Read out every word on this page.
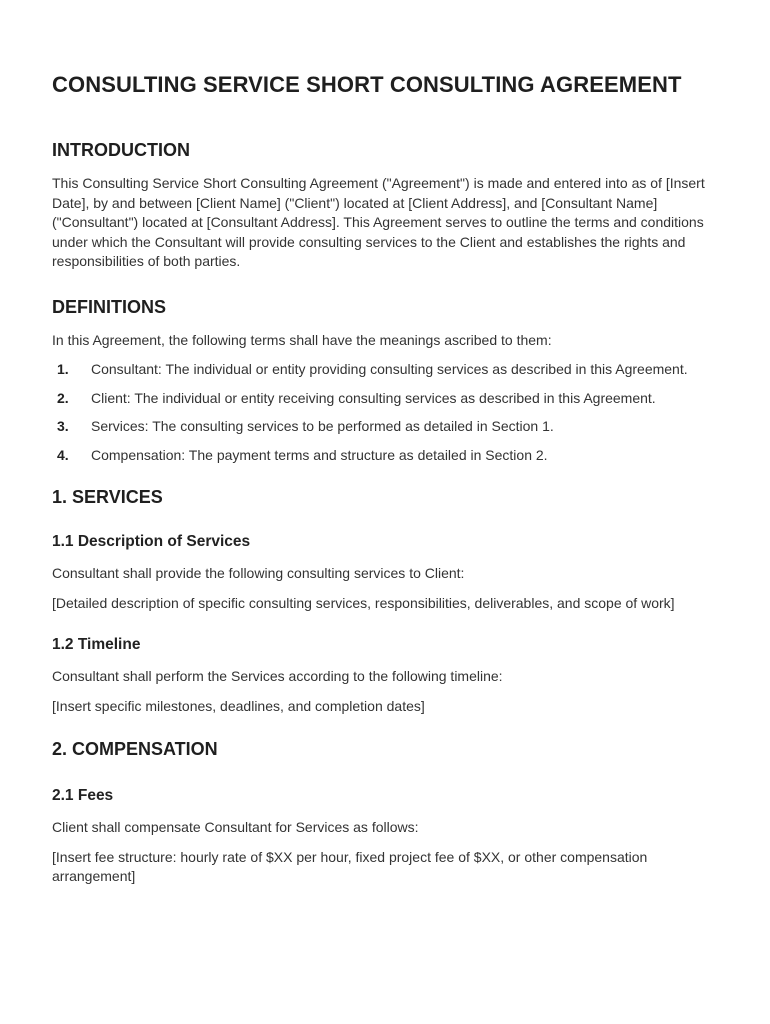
CONSULTING SERVICE SHORT CONSULTING AGREEMENT
INTRODUCTION

This Consulting Service Short Consulting Agreement ("Agreement") is made and entered into as of [Insert Date], by and between [Client Name] ("Client") located at [Client Address], and [Consultant Name] ("Consultant") located at [Consultant Address]. This Agreement serves to outline the terms and conditions under which the Consultant will provide consulting services to the Client and establishes the rights and responsibilities of both parties.

DEFINITIONS

In this Agreement, the following terms shall have the meanings ascribed to them:

1.	Consultant: The individual or entity providing consulting services as described in this Agreement.
2.	Client: The individual or entity receiving consulting services as described in this Agreement.
3.	Services: The consulting services to be performed as detailed in Section 1.
4.	Compensation: The payment terms and structure as detailed in Section 2.
1. SERVICES
1.1 Description of Services

Consultant shall provide the following consulting services to Client:

[Detailed description of specific consulting services, responsibilities, deliverables, and scope of work]

1.2 Timeline

Consultant shall perform the Services according to the following timeline:

[Insert specific milestones, deadlines, and completion dates]

2. COMPENSATION
2.1 Fees

Client shall compensate Consultant for Services as follows:

[Insert fee structure: hourly rate of $XX per hour, fixed project fee of $XX, or other compensation arrangement]
